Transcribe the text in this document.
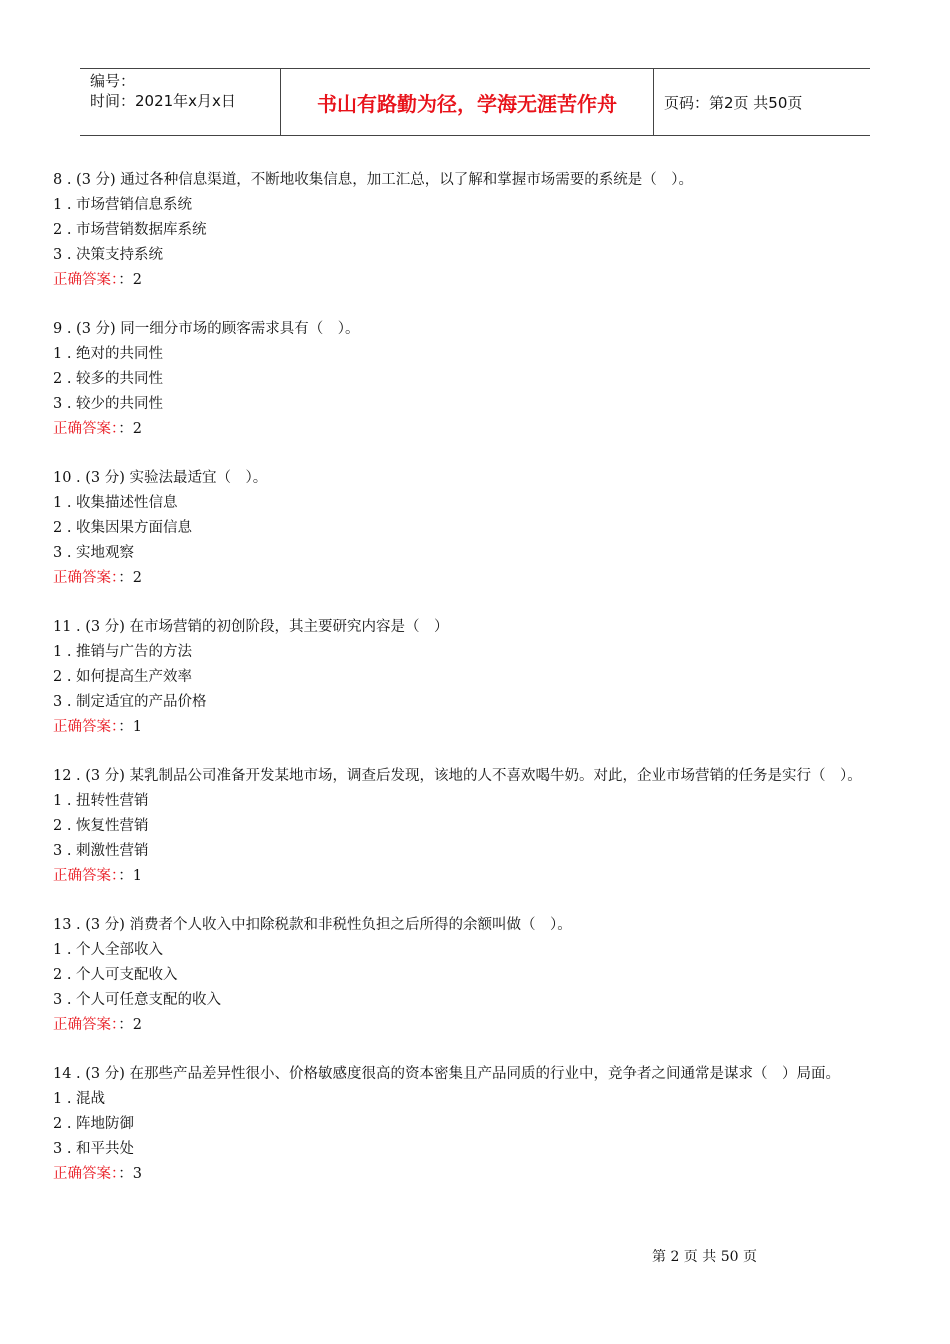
编号：
时间：2021年x月x日	书山有路勤为径，学海无涯苦作舟	页码：第2页 共50页
8 . (3 分) 通过各种信息渠道，不断地收集信息，加工汇总，以了解和掌握市场需要的系统是（　）。
1 . 市场营销信息系统
2 . 市场营销数据库系统
3 . 决策支持系统
正确答案：：2
9 . (3 分) 同一细分市场的顾客需求具有（　）。
1 . 绝对的共同性
2 . 较多的共同性
3 . 较少的共同性
正确答案：：2
10 . (3 分) 实验法最适宜（　）。
1 . 收集描述性信息
2 . 收集因果方面信息
3 . 实地观察
正确答案：：2
11 . (3 分) 在市场营销的初创阶段，其主要研究内容是（　）
1 . 推销与广告的方法
2 . 如何提高生产效率
3 . 制定适宜的产品价格
正确答案：：1
12 . (3 分) 某乳制品公司准备开发某地市场，调查后发现，该地的人不喜欢喝牛奶。对此，企业市场营销的任务是实行（　）。
1 . 扭转性营销
2 . 恢复性营销
3 . 刺激性营销
正确答案：：1
13 . (3 分) 消费者个人收入中扣除税款和非税性负担之后所得的余额叫做（　）。
1 . 个人全部收入
2 . 个人可支配收入
3 . 个人可任意支配的收入
正确答案：：2
14 . (3 分) 在那些产品差异性很小、价格敏感度很高的资本密集且产品同质的行业中，竞争者之间通常是谋求（　）局面。
1 . 混战
2 . 阵地防御
3 . 和平共处
正确答案：：3
第 2 页 共 50 页
